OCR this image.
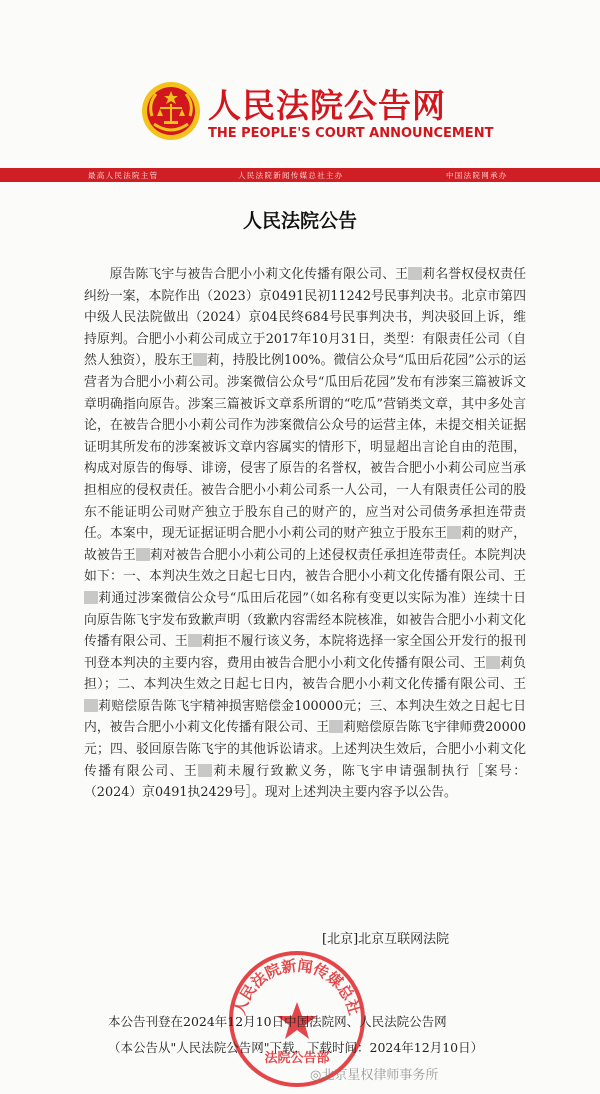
人民法院公告网
THE PEOPLE'S COURT ANNOUNCEMENT
最高人民法院主管	人民法院新闻传媒总社主办	中国法院网承办
人民法院公告
原告陈飞宇与被告合肥小小莉文化传播有限公司、王 莉名誉权侵权责任纠纷一案，本院作出（2023）京0491民初11242号民事判决书。北京市第四中级人民法院做出（2024）京04民终684号民事判决书，判决驳回上诉，维持原判。合肥小小莉公司成立于2017年10月31日，类型：有限责任公司（自然人独资），股东王 莉，持股比例100%。微信公众号“瓜田后花园”公示的运营者为合肥小小莉公司。涉案微信公众号“瓜田后花园”发布有涉案三篇被诉文章明确指向原告。涉案三篇被诉文章系所谓的“吃瓜”营销类文章，其中多处言论，在被告合肥小小莉公司作为涉案微信公众号的运营主体，未提交相关证据证明其所发布的涉案被诉文章内容属实的情形下，明显超出言论自由的范围，构成对原告的侮辱、诽谤，侵害了原告的名誉权，被告合肥小小莉公司应当承担相应的侵权责任。被告合肥小小莉公司系一人公司，一人有限责任公司的股东不能证明公司财产独立于股东自己的财产的，应当对公司债务承担连带责任。本案中，现无证据证明合肥小小莉公司的财产独立于股东王 莉的财产，故被告王 莉对被告合肥小小莉公司的上述侵权责任承担连带责任。本院判决如下：一、本判决生效之日起七日内，被告合肥小小莉文化传播有限公司、王莉通过涉案微信公众号“瓜田后花园”（如名称有变更以实际为准）连续十日向原告陈飞宇发布致歉声明（致歉内容需经本院核准，如被告合肥小小莉文化传播有限公司、王 莉拒不履行该义务，本院将选择一家全国公开发行的报刊刊登本判决的主要内容，费用由被告合肥小小莉文化传播有限公司、王 莉负担）；二、本判决生效之日起七日内，被告合肥小小莉文化传播有限公司、王莉赔偿原告陈飞宇精神损害赔偿金100000元；三、本判决生效之日起七日内，被告合肥小小莉文化传播有限公司、王 莉赔偿原告陈飞宇律师费20000元；四、驳回原告陈飞宇的其他诉讼请求。上述判决生效后，合肥小小莉文化传播有限公司、王 莉未履行致歉义务，陈飞宇申请强制执行［案号：（2024）京0491执2429号］。现对上述判决主要内容予以公告。
[北京]北京互联网法院
人民法院新闻传媒总社
法院公告部
本公告刊登在2024年12月10日中国法院网、人民法院公告网
（本公告从"人民法院公告网"下载，下载时间：2024年12月10日）
◎北京星权律师事务所
